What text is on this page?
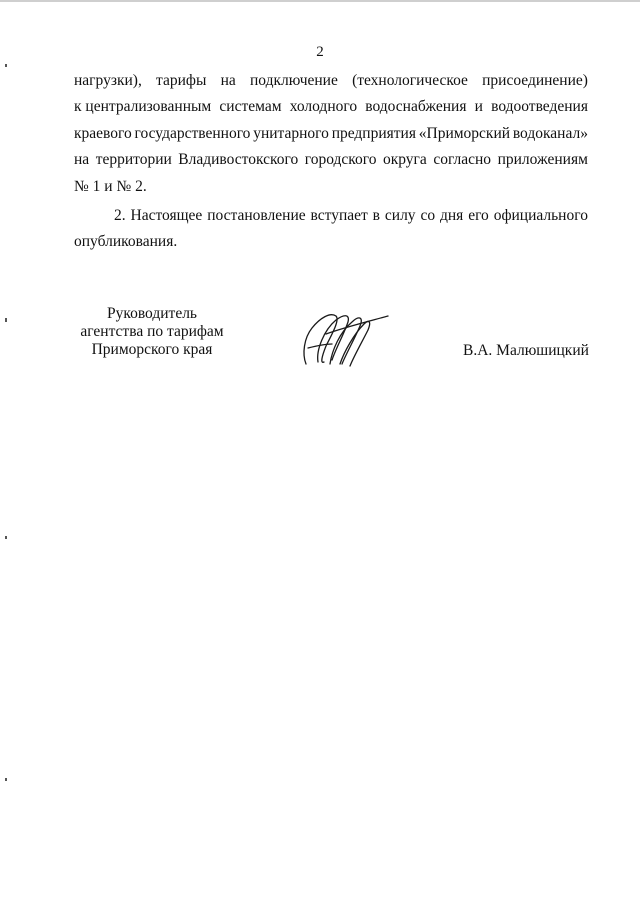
2
нагрузки), тарифы на подключение (технологическое присоединение)
к централизованным системам холодного водоснабжения и водоотведения
краевого государственного унитарного предприятия «Приморский водоканал»
на территории Владивостокского городского округа согласно приложениям
№ 1 и № 2.
2. Настоящее постановление вступает в силу со дня его официального
опубликования.
Руководитель
агентства по тарифам
Приморского края	В.А. Малюшицкий
